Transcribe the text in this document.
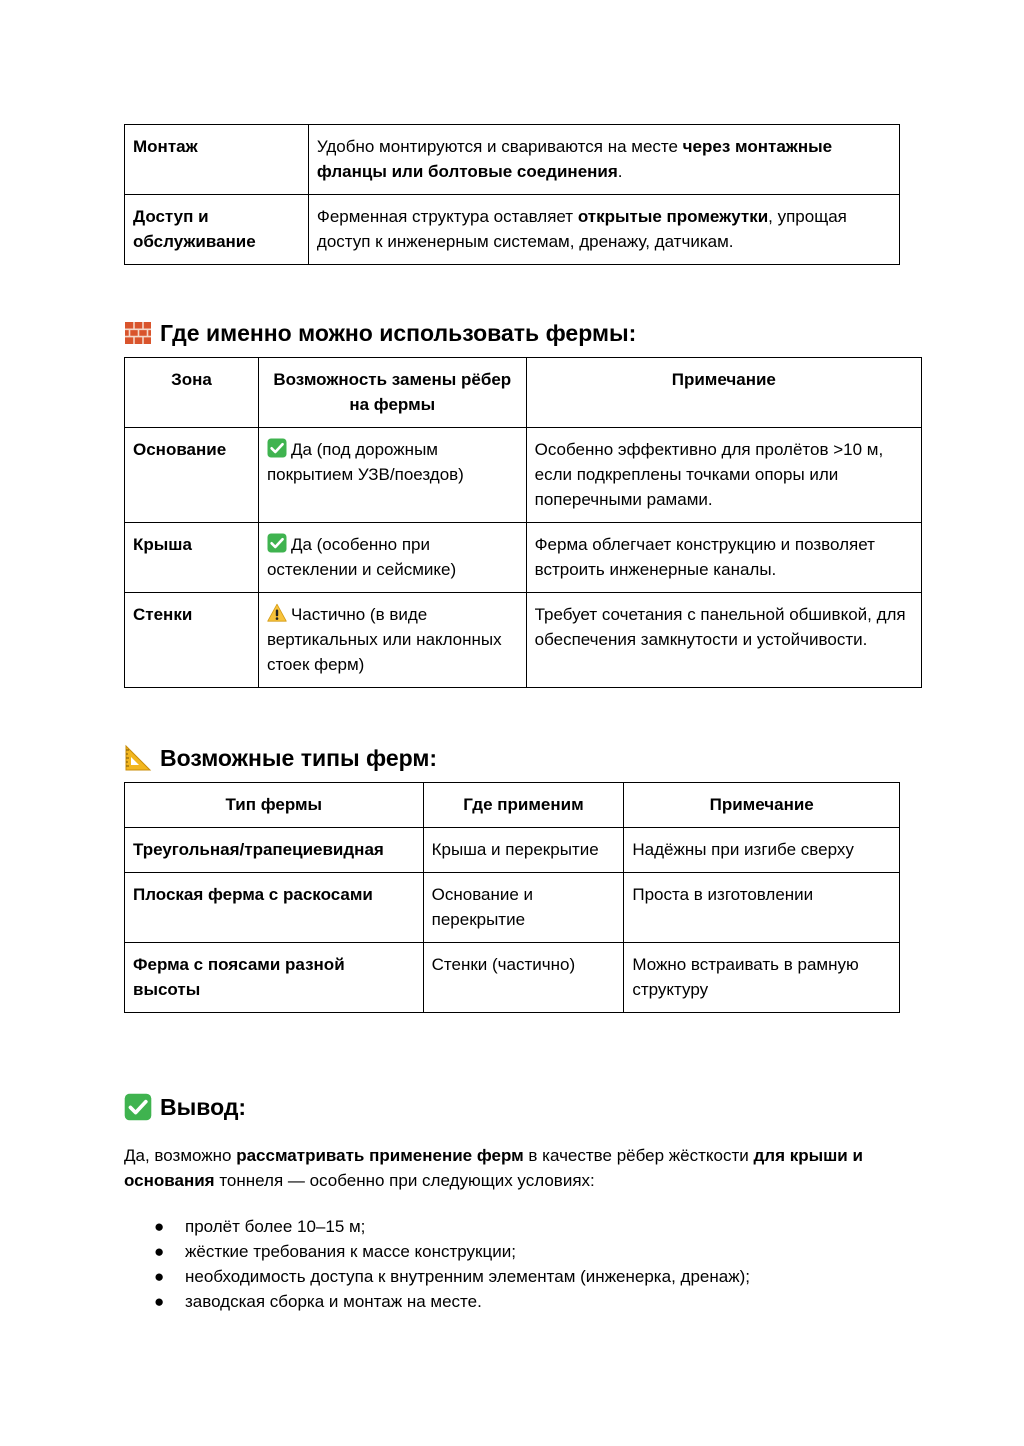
Монтаж	Удобно монтируются и свариваются на месте через монтажные фланцы или болтовые соединения.
Доступ и обслуживание	Ферменная структура оставляет открытые промежутки, упрощая доступ к инженерным системам, дренажу, датчикам.
Где именно можно использовать фермы:
Зона	Возможность замены рёбер на фермы	Примечание
Основание	Да (под дорожным покрытием УЗВ/поездов)	Особенно эффективно для пролётов >10 м, если подкреплены точками опоры или поперечными рамами.
Крыша	Да (особенно при остеклении и сейсмике)	Ферма облегчает конструкцию и позволяет встроить инженерные каналы.
Стенки	Частично (в виде вертикальных или наклонных стоек ферм)	Требует сочетания с панельной обшивкой, для обеспечения замкнутости и устойчивости.
Возможные типы ферм:
Тип фермы	Где применим	Примечание
Треугольная/трапециевидная	Крыша и перекрытие	Надёжны при изгибе сверху
Плоская ферма с раскосами	Основание и перекрытие	Проста в изготовлении
Ферма с поясами разной высоты	Стенки (частично)	Можно встраивать в рамную структуру
Вывод:

Да, возможно рассматривать применение ферм в качестве рёбер жёсткости для крыши и основания тоннеля — особенно при следующих условиях:

● пролёт более 10–15 м;
● жёсткие требования к массе конструкции;
● необходимость доступа к внутренним элементам (инженерка, дренаж);
● заводская сборка и монтаж на месте.
